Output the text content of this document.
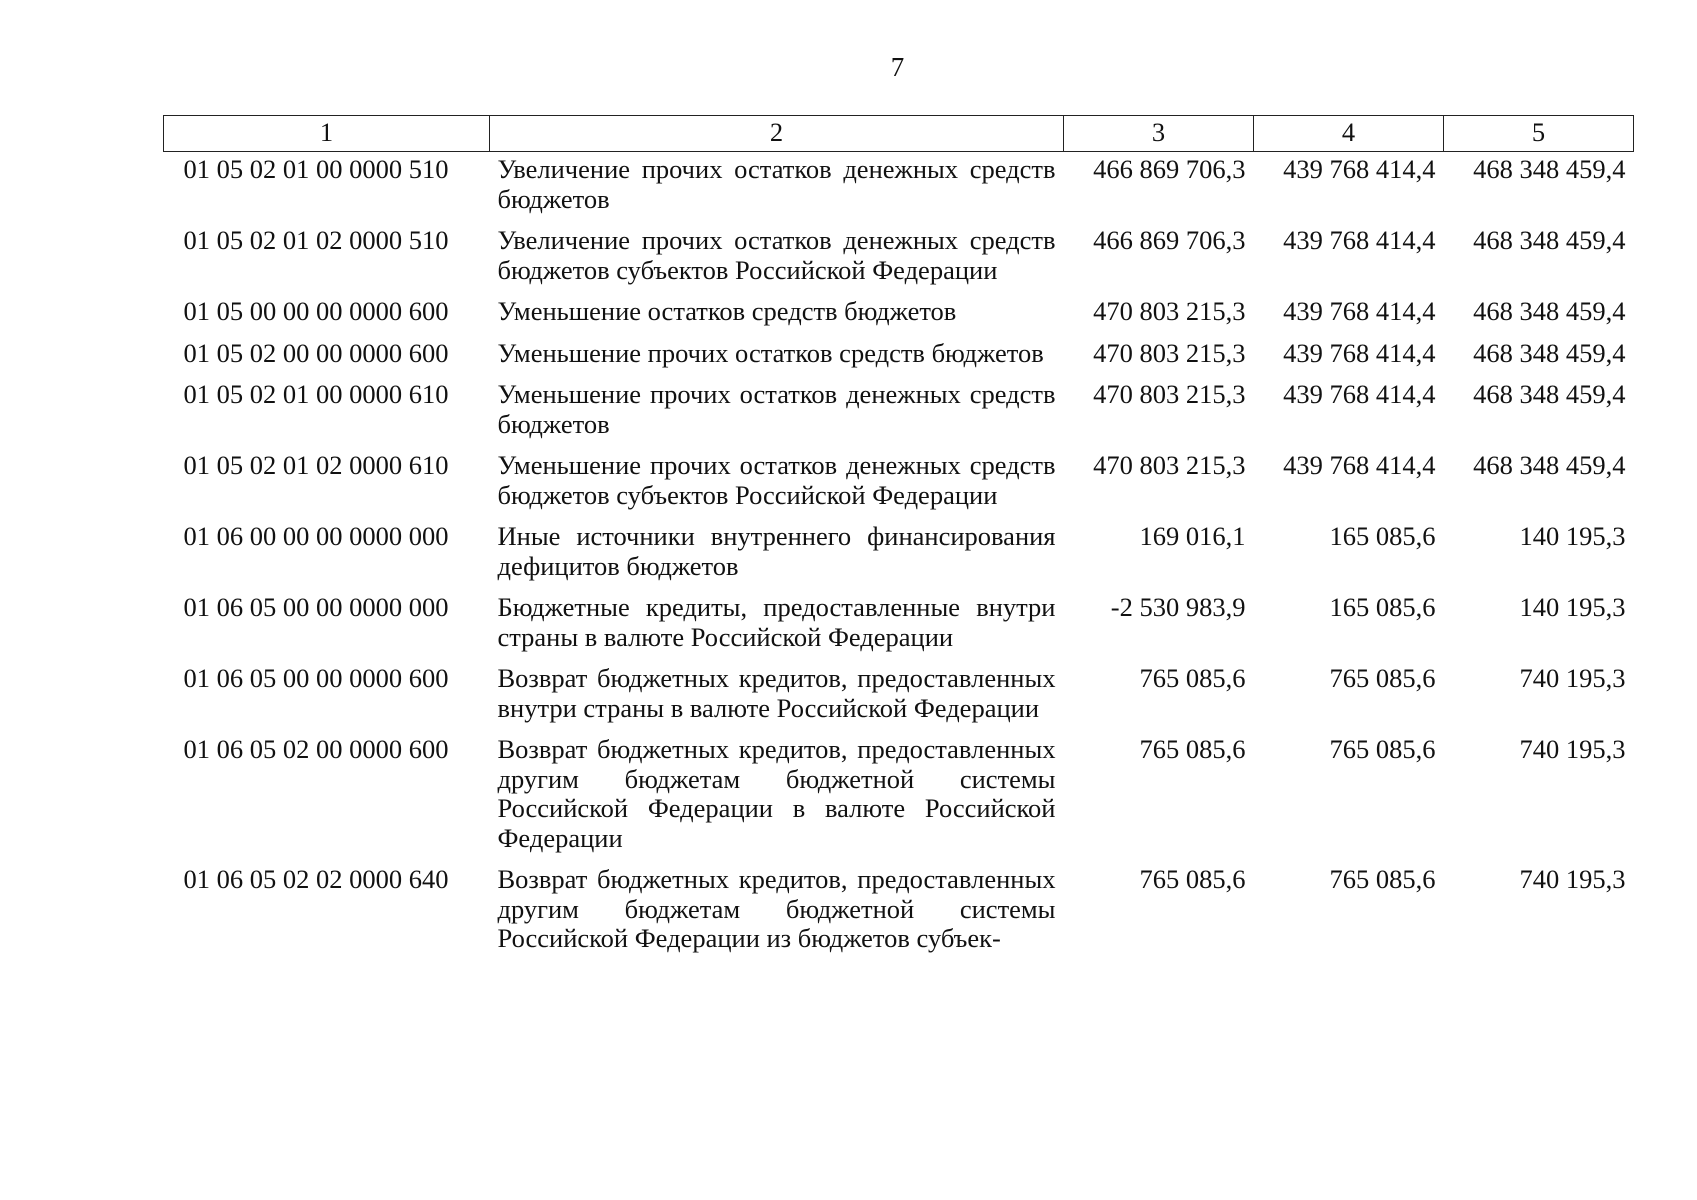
7
1	2	3	4	5
01 05 02 01 00 0000 510	Увеличение прочих остатков денежных средств бюджетов	466 869 706,3	439 768 414,4	468 348 459,4
01 05 02 01 02 0000 510	Увеличение прочих остатков денежных средств бюджетов субъектов Российской Федерации	466 869 706,3	439 768 414,4	468 348 459,4
01 05 00 00 00 0000 600	Уменьшение остатков средств бюджетов	470 803 215,3	439 768 414,4	468 348 459,4
01 05 02 00 00 0000 600	Уменьшение прочих остатков средств бюджетов	470 803 215,3	439 768 414,4	468 348 459,4
01 05 02 01 00 0000 610	Уменьшение прочих остатков денежных средств бюджетов	470 803 215,3	439 768 414,4	468 348 459,4
01 05 02 01 02 0000 610	Уменьшение прочих остатков денежных средств бюджетов субъектов Российской Федерации	470 803 215,3	439 768 414,4	468 348 459,4
01 06 00 00 00 0000 000	Иные источники внутреннего финансирования дефицитов бюджетов	169 016,1	165 085,6	140 195,3
01 06 05 00 00 0000 000	Бюджетные кредиты, предоставленные внутри страны в валюте Российской Федерации	-2 530 983,9	165 085,6	140 195,3
01 06 05 00 00 0000 600	Возврат бюджетных кредитов, предоставленных внутри страны в валюте Российской Федерации	765 085,6	765 085,6	740 195,3
01 06 05 02 00 0000 600	Возврат бюджетных кредитов, предоставленных другим бюджетам бюджетной системы Российской Федерации в валюте Российской Федерации	765 085,6	765 085,6	740 195,3
01 06 05 02 02 0000 640	Возврат бюджетных кредитов, предоставленных другим бюджетам бюджетной системы Российской Федерации из бюджетов субъек-	765 085,6	765 085,6	740 195,3
